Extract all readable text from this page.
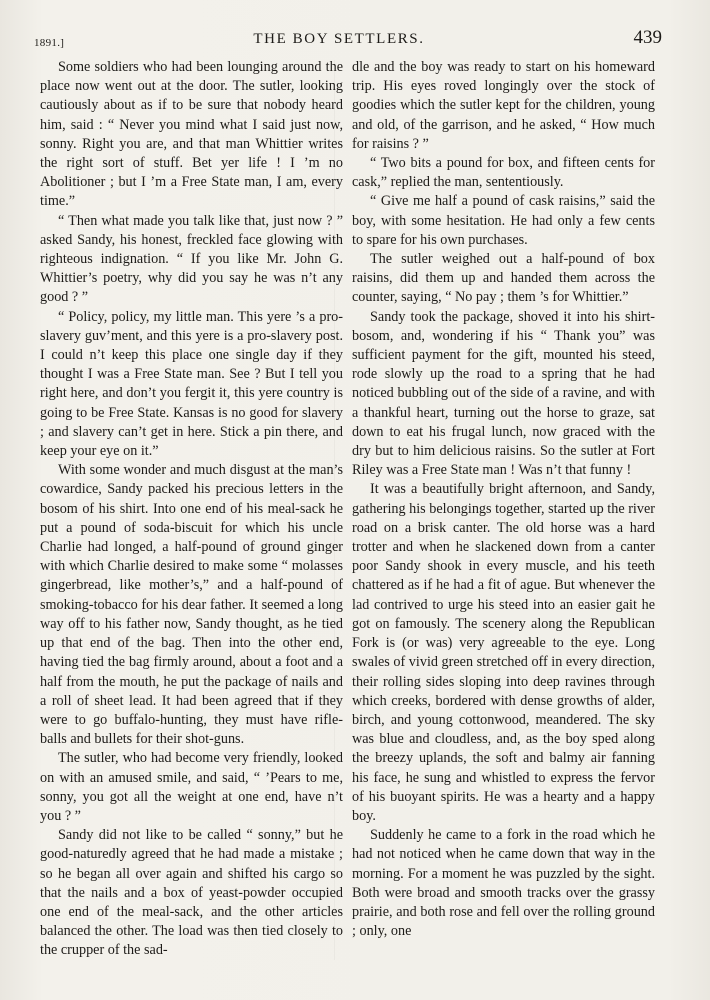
1891.]	THE BOY SETTLERS.	439

Some soldiers who had been lounging around the place now went out at the door. The sutler, looking cautiously about as if to be sure that nobody heard him, said : “ Never you mind what I said just now, sonny. Right you are, and that man Whittier writes the right sort of stuff. Bet yer life ! I ’m no Abolitioner ; but I ’m a Free State man, I am, every time.”

“ Then what made you talk like that, just now ? ” asked Sandy, his honest, freckled face glowing with righteous indignation. “ If you like Mr. John G. Whittier’s poetry, why did you say he was n’t any good ? ”

“ Policy, policy, my little man. This yere ’s a pro-slavery guv’ment, and this yere is a pro-slavery post. I could n’t keep this place one single day if they thought I was a Free State man. See ? But I tell you right here, and don’t you fergit it, this yere country is going to be Free State. Kansas is no good for slavery ; and slavery can’t get in here. Stick a pin there, and keep your eye on it.”

With some wonder and much disgust at the man’s cowardice, Sandy packed his precious letters in the bosom of his shirt. Into one end of his meal-sack he put a pound of soda-biscuit for which his uncle Charlie had longed, a half-pound of ground ginger with which Charlie desired to make some “ molasses gingerbread, like mother’s,” and a half-pound of smoking-tobacco for his dear father. It seemed a long way off to his father now, Sandy thought, as he tied up that end of the bag. Then into the other end, having tied the bag firmly around, about a foot and a half from the mouth, he put the package of nails and a roll of sheet lead. It had been agreed that if they were to go buffalo-hunting, they must have rifle-balls and bullets for their shot-guns.

The sutler, who had become very friendly, looked on with an amused smile, and said, “ ’Pears to me, sonny, you got all the weight at one end, have n’t you ? ”

Sandy did not like to be called “ sonny,” but he good-naturedly agreed that he had made a mistake ; so he began all over again and shifted his cargo so that the nails and a box of yeast-powder occupied one end of the meal-sack, and the other articles balanced the other. The load was then tied closely to the crupper of the sad-

dle and the boy was ready to start on his homeward trip. His eyes roved longingly over the stock of goodies which the sutler kept for the children, young and old, of the garrison, and he asked, “ How much for raisins ? ”

“ Two bits a pound for box, and fifteen cents for cask,” replied the man, sententiously.

“ Give me half a pound of cask raisins,” said the boy, with some hesitation. He had only a few cents to spare for his own purchases.

The sutler weighed out a half-pound of box raisins, did them up and handed them across the counter, saying, “ No pay ; them ’s for Whittier.”

Sandy took the package, shoved it into his shirt-bosom, and, wondering if his “ Thank you” was sufficient payment for the gift, mounted his steed, rode slowly up the road to a spring that he had noticed bubbling out of the side of a ravine, and with a thankful heart, turning out the horse to graze, sat down to eat his frugal lunch, now graced with the dry but to him delicious raisins. So the sutler at Fort Riley was a Free State man ! Was n’t that funny !

It was a beautifully bright afternoon, and Sandy, gathering his belongings together, started up the river road on a brisk canter. The old horse was a hard trotter and when he slackened down from a canter poor Sandy shook in every muscle, and his teeth chattered as if he had a fit of ague. But whenever the lad contrived to urge his steed into an easier gait he got on famously. The scenery along the Republican Fork is (or was) very agreeable to the eye. Long swales of vivid green stretched off in every direction, their rolling sides sloping into deep ravines through which creeks, bordered with dense growths of alder, birch, and young cottonwood, meandered. The sky was blue and cloudless, and, as the boy sped along the breezy uplands, the soft and balmy air fanning his face, he sung and whistled to express the fervor of his buoyant spirits. He was a hearty and a happy boy.

Suddenly he came to a fork in the road which he had not noticed when he came down that way in the morning. For a moment he was puzzled by the sight. Both were broad and smooth tracks over the grassy prairie, and both rose and fell over the rolling ground ; only, one
